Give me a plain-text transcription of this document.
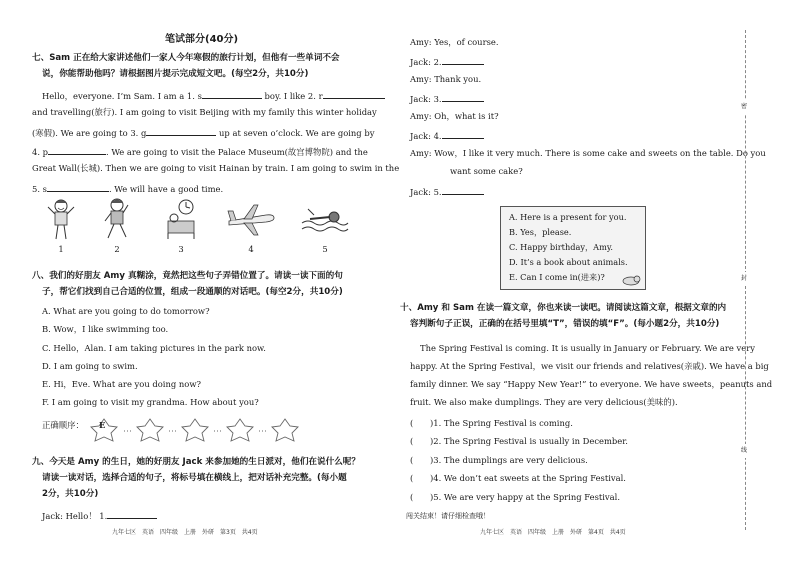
笔试部分(40分)
七、Sam 正在给大家讲述他们一家人今年寒假的旅行计划，但他有一些单词不会
说，你能帮助他吗？请根据图片提示完成短文吧。(每空2分，共10分)
Hello，everyone. I’m Sam. I am a 1. s	boy. I like 2. r
and travelling(旅行). I am going to visit Beijing with my family this winter holiday
(寒假). We are going to 3. g	up at seven o’clock. We are going by
4. p	. We are going to visit the Palace Museum(故宫博物院) and the
Great Wall(长城). Then we are going to visit Hainan by train. I am going to swim in the
5. s	. We will have a good time.
1	2	3	4	5
八、我们的好朋友 Amy 真糊涂，竟然把这些句子弄错位置了。请读一读下面的句
子，帮它们找到自己合适的位置，组成一段通顺的对话吧。(每空2分，共10分)
A. What are you going to do tomorrow?
B. Wow，I like swimming too.
C. Hello，Alan. I am taking pictures in the park now.
D. I am going to swim.
E. Hi，Eve. What are you doing now?
F. I am going to visit my grandma. How about you?
正确顺序： E
九、今天是 Amy 的生日，她的好朋友 Jack 来参加她的生日派对，他们在说什么呢？
请读一读对话，选择合适的句子，将标号填在横线上，把对话补充完整。(每小题
2分，共10分)
Jack: Hello！ 1.
九年七区　英语　四年级　上册　外研　第3页　共4页
Amy: Yes，of course.
Jack: 2.
Amy: Thank you.
Jack: 3.
Amy: Oh，what is it?
Jack: 4.
Amy: Wow，I like it very much. There is some cake and sweets on the table. Do you
want some cake?
Jack: 5.
A. Here is a present for you.
B. Yes，please.
C. Happy birthday，Amy.
D. It’s a book about animals.
E. Can I come in(进来)?
十、Amy 和 Sam 在读一篇文章，你也来读一读吧。请阅读这篇文章，根据文章的内
容判断句子正误，正确的在括号里填“T”，错误的填“F”。(每小题2分，共10分)
The Spring Festival is coming. It is usually in January or February. We are very
happy. At the Spring Festival，we visit our friends and relatives(亲戚). We have a big
family dinner. We say “Happy New Year!” to everyone. We have sweets，peanuts and
fruit. We also make dumplings. They are very delicious(美味的).
(　　)1. The Spring Festival is coming.
(　　)2. The Spring Festival is usually in December.
(　　)3. The dumplings are very delicious.
(　　)4. We don’t eat sweets at the Spring Festival.
(　　)5. We are very happy at the Spring Festival.
闯关结束！请仔细检查哦！
九年七区　英语　四年级　上册　外研　第4页　共4页
密
封
线
